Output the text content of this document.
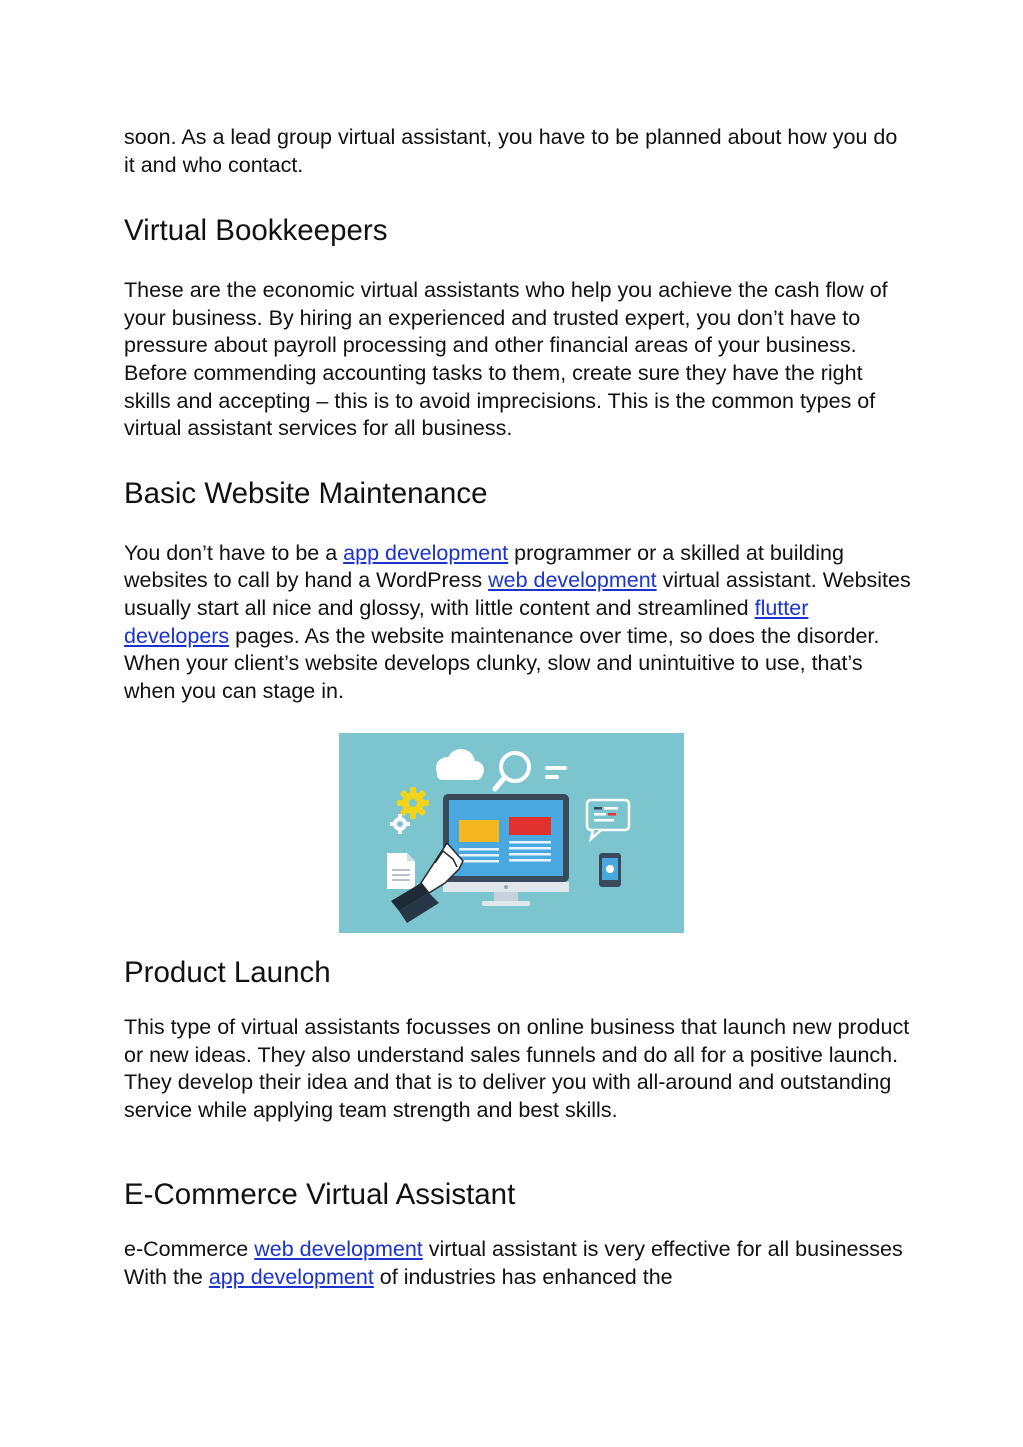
soon. As a lead group virtual assistant, you have to be planned about how you do it and who contact.

Virtual Bookkeepers

These are the economic virtual assistants who help you achieve the cash flow of your business. By hiring an experienced and trusted expert, you don’t have to pressure about payroll processing and other financial areas of your business. Before commending accounting tasks to them, create sure they have the right skills and accepting – this is to avoid imprecisions. This is the common types of virtual assistant services for all business.

Basic Website Maintenance

You don’t have to be a app development programmer or a skilled at building websites to call by hand a WordPress web development virtual assistant. Websites usually start all nice and glossy, with little content and streamlined flutter developers pages. As the website maintenance over time, so does the disorder. When your client’s website develops clunky, slow and unintuitive to use, that’s when you can stage in.

Product Launch

This type of virtual assistants focusses on online business that launch new product or new ideas. They also understand sales funnels and do all for a positive launch. They develop their idea and that is to deliver you with all-around and outstanding service while applying team strength and best skills.

E-Commerce Virtual Assistant

e-Commerce web development virtual assistant is very effective for all businesses With the app development of industries has enhanced the
